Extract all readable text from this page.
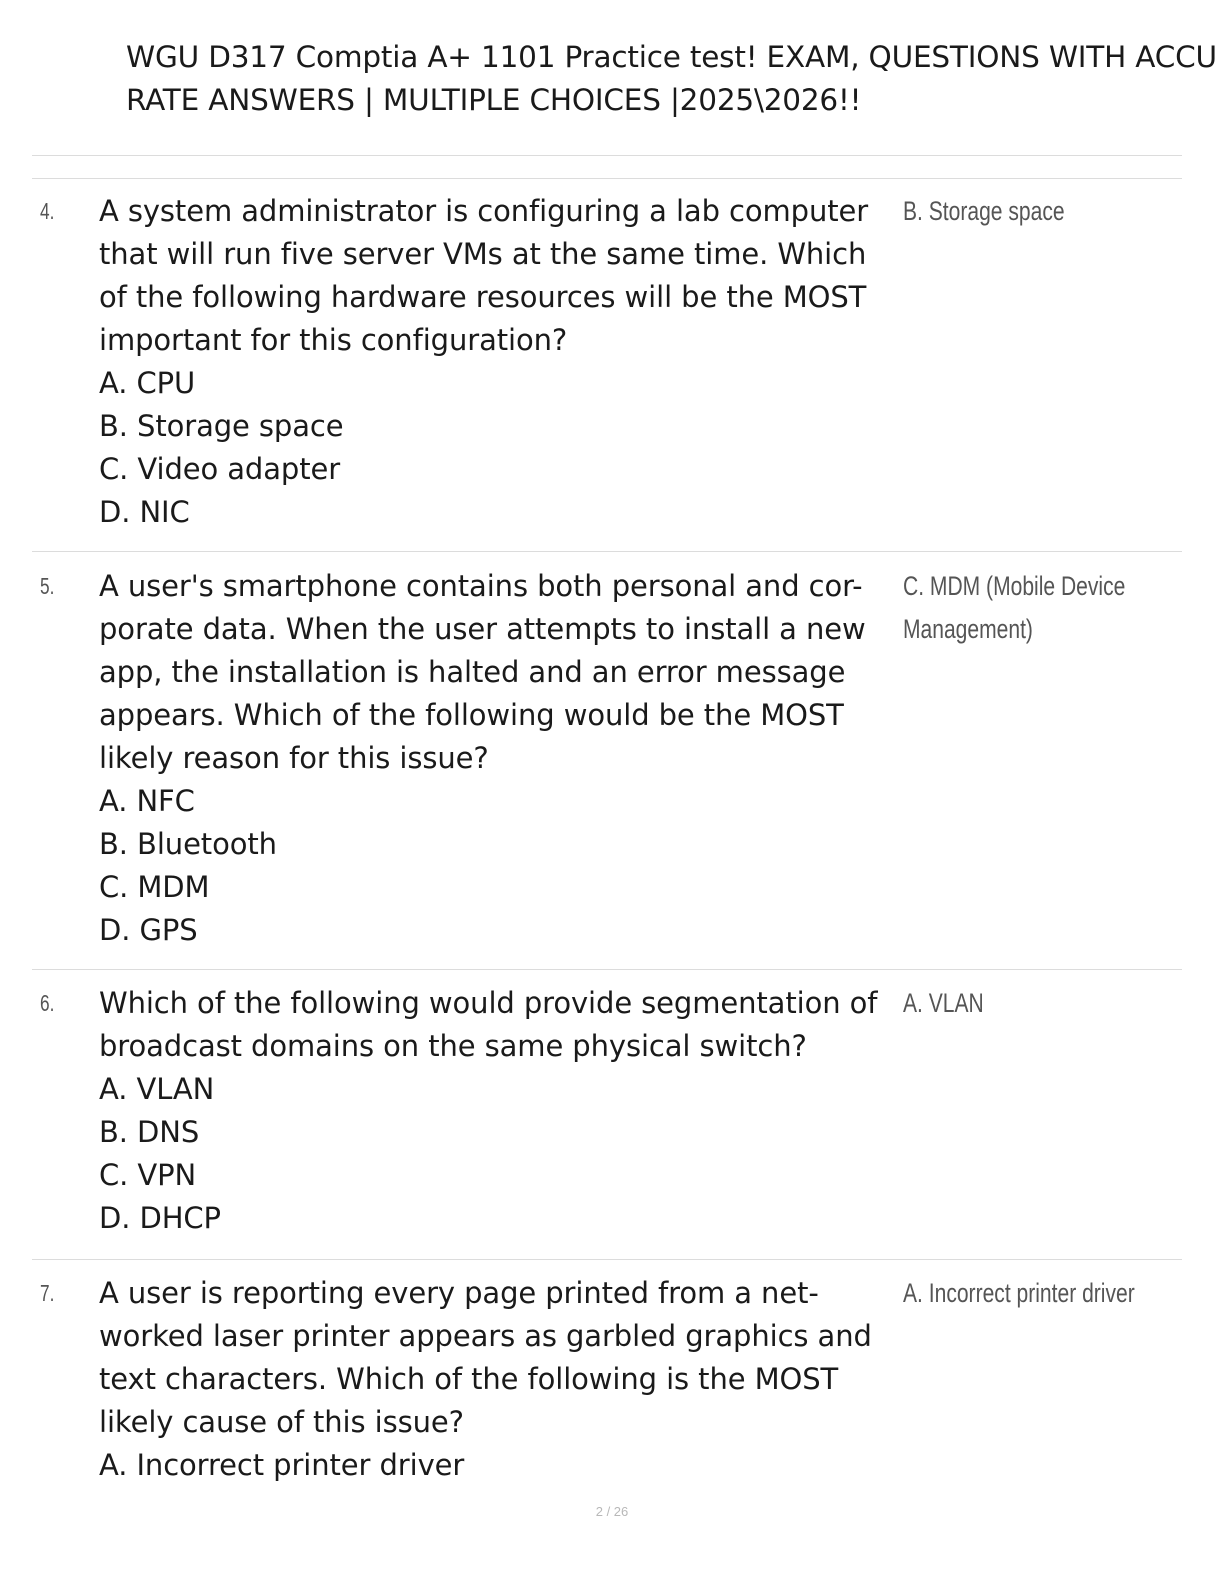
WGU D317 Comptia A+ 1101 Practice test! EXAM, QUESTIONS WITH ACCU
RATE ANSWERS | MULTIPLE CHOICES |2025\2026!!
4. A system administrator is configuring a lab computer
that will run five server VMs at the same time. Which
of the following hardware resources will be the MOST
important for this configuration?
A. CPU
B. Storage space
C. Video adapter
D. NIC
B. Storage space
5. A user's smartphone contains both personal and cor-
porate data. When the user attempts to install a new
app, the installation is halted and an error message
appears. Which of the following would be the MOST
likely reason for this issue?
A. NFC
B. Bluetooth
C. MDM
D. GPS
C. MDM (Mobile Device
Management)
6. Which of the following would provide segmentation of
broadcast domains on the same physical switch?
A. VLAN
B. DNS
C. VPN
D. DHCP
A. VLAN
7. A user is reporting every page printed from a net-
worked laser printer appears as garbled graphics and
text characters. Which of the following is the MOST
likely cause of this issue?
A. Incorrect printer driver
A. Incorrect printer driver
2 / 26
